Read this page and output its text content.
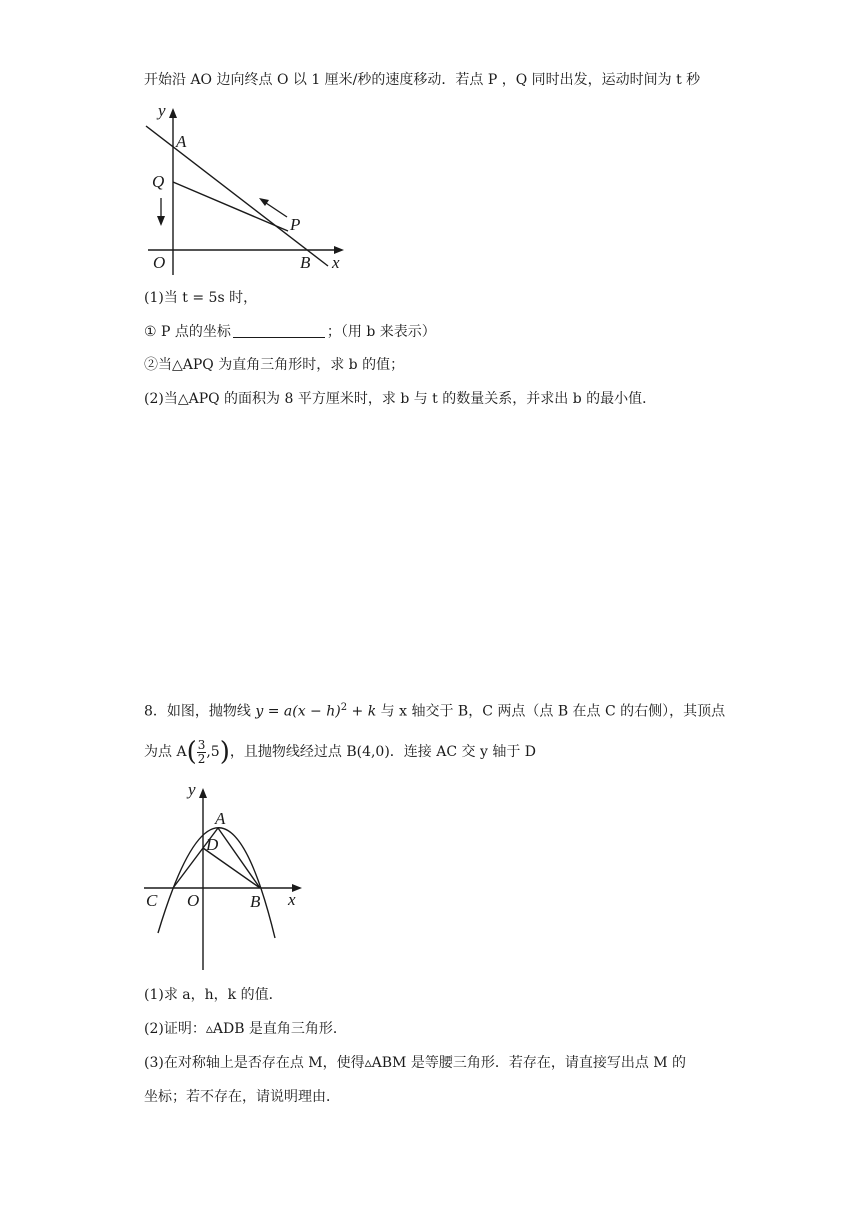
开始沿 AO 边向终点 O 以 1 厘米/秒的速度移动．若点 P ，Q 同时出发，运动时间为 t 秒
y
A
Q
P
O	B x
(1)当 t = 5s 时，
① P 点的坐标	；（用 b 来表示）
②当△APQ 为直角三角形时，求 b 的值；
(2)当△APQ 的面积为 8 平方厘米时，求 b 与 t 的数量关系，并求出 b 的最小值．
8．如图，抛物线 $y = a(x - h)^2 + k$ 与 x 轴交于 B，C 两点（点 B 在点 C 的右侧），其顶点
为点 $A( \frac{3}{2} ,5)$，且抛物线经过点 B(4,0)．连接 AC 交 y 轴于 D
y
A
D
C O	B x
(1)求 a，h，k 的值．
(2)证明：▵ADB 是直角三角形．
(3)在对称轴上是否存在点 M，使得▵ABM 是等腰三角形．若存在，请直接写出点 M 的
坐标；若不存在，请说明理由．
